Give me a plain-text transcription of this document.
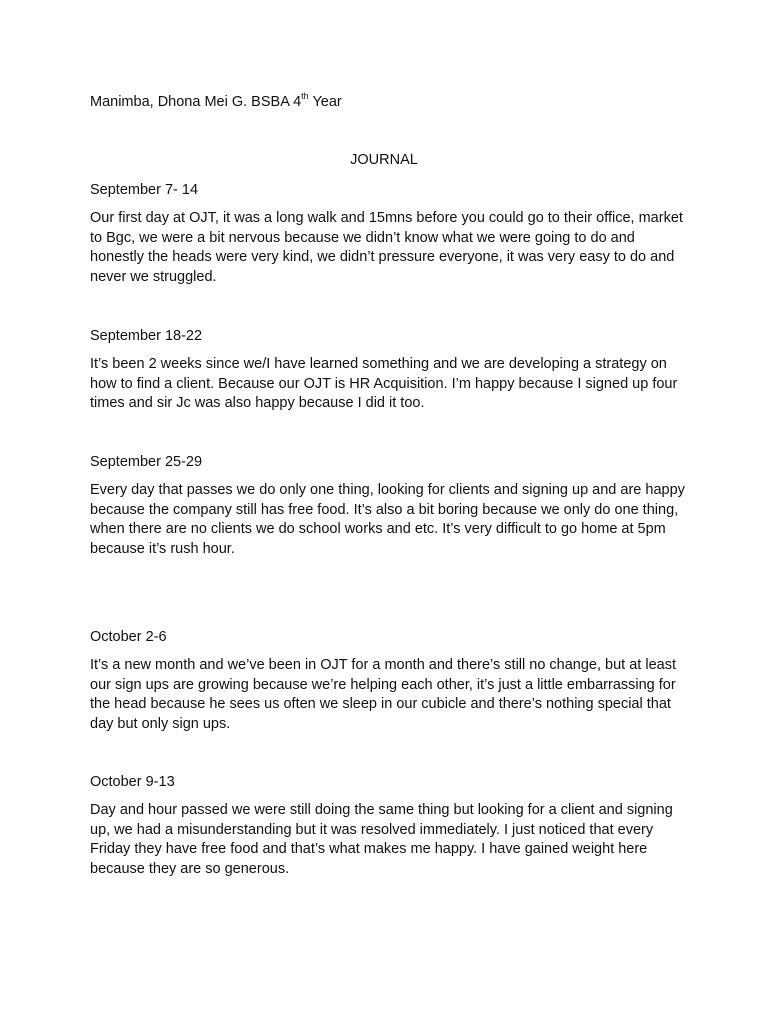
Manimba, Dhona Mei G. BSBA 4th Year
JOURNAL
September 7- 14

Our first day at OJT, it was a long walk and 15mns before you could go to their office, market to Bgc, we were a bit nervous because we didn’t know what we were going to do and honestly the heads were very kind, we didn’t pressure everyone, it was very easy to do and never we struggled.

September 18-22

It’s been 2 weeks since we/I have learned something and we are developing a strategy on how to find a client. Because our OJT is HR Acquisition. I’m happy because I signed up four times and sir Jc was also happy because I did it too.

September 25-29

Every day that passes we do only one thing, looking for clients and signing up and are happy because the company still has free food. It’s also a bit boring because we only do one thing, when there are no clients we do school works and etc. It’s very difficult to go home at 5pm because it’s rush hour.

October 2-6

It’s a new month and we’ve been in OJT for a month and there’s still no change, but at least our sign ups are growing because we’re helping each other, it’s just a little embarrassing for the head because he sees us often we sleep in our cubicle and there’s nothing special that day but only sign ups.

October 9-13

Day and hour passed we were still doing the same thing but looking for a client and signing up, we had a misunderstanding but it was resolved immediately. I just noticed that every Friday they have free food and that’s what makes me happy. I have gained weight here because they are so generous.
